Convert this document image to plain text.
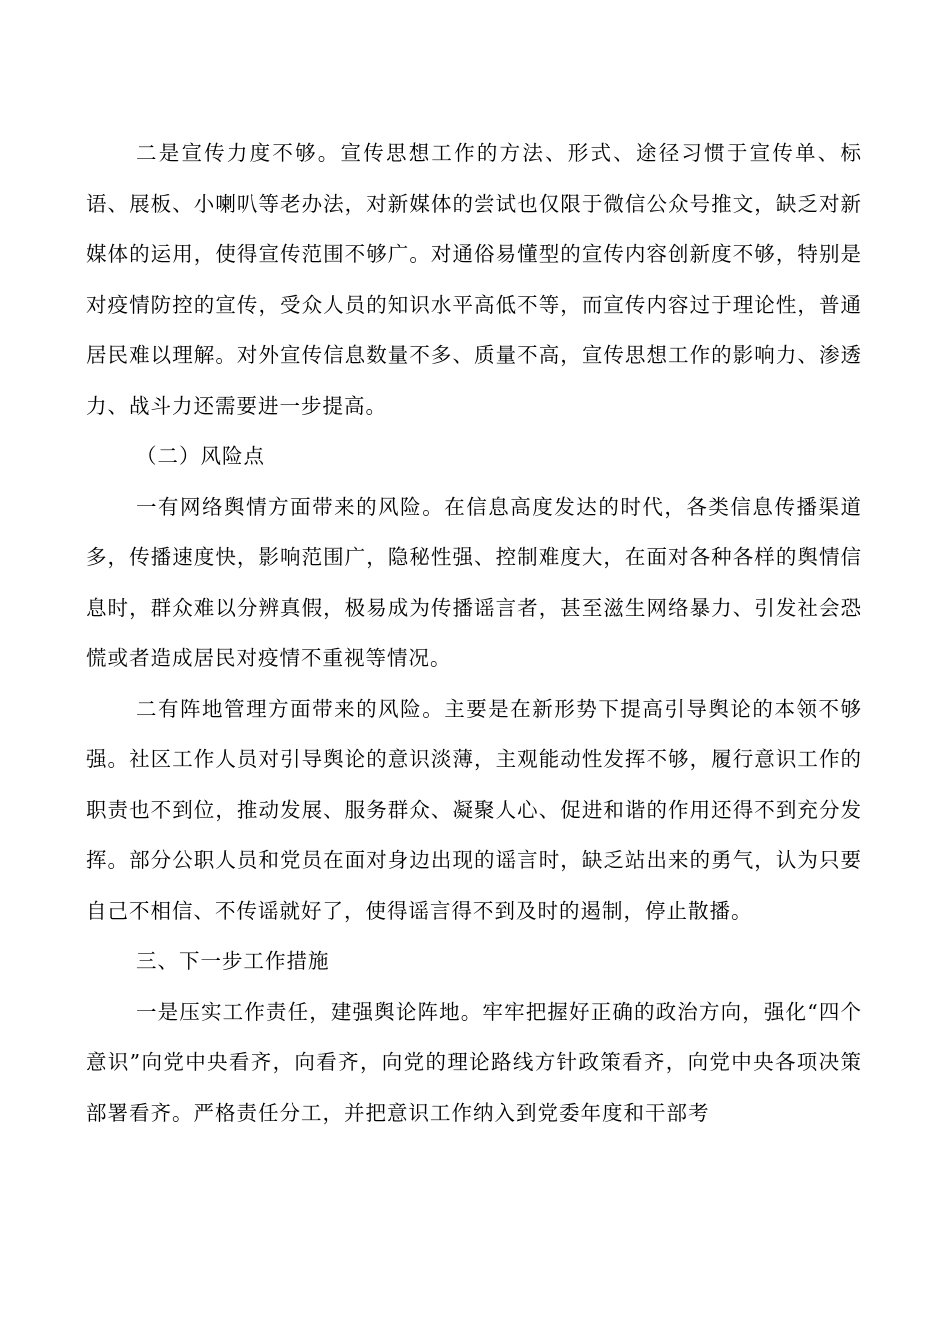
二是宣传力度不够。宣传思想工作的方法、形式、途径习惯于宣传单、标语、展板、小喇叭等老办法，对新媒体的尝试也仅限于微信公众号推文，缺乏对新媒体的运用，使得宣传范围不够广。对通俗易懂型的宣传内容创新度不够，特别是对疫情防控的宣传，受众人员的知识水平高低不等，而宣传内容过于理论性，普通居民难以理解。对外宣传信息数量不多、质量不高，宣传思想工作的影响力、渗透力、战斗力还需要进一步提高。

（二）风险点

一有网络舆情方面带来的风险。在信息高度发达的时代，各类信息传播渠道多，传播速度快，影响范围广，隐秘性强、控制难度大，在面对各种各样的舆情信息时，群众难以分辨真假，极易成为传播谣言者，甚至滋生网络暴力、引发社会恐慌或者造成居民对疫情不重视等情况。

二有阵地管理方面带来的风险。主要是在新形势下提高引导舆论的本领不够强。社区工作人员对引导舆论的意识淡薄，主观能动性发挥不够，履行意识工作的职责也不到位，推动发展、服务群众、凝聚人心、促进和谐的作用还得不到充分发挥。部分公职人员和党员在面对身边出现的谣言时，缺乏站出来的勇气，认为只要自己不相信、不传谣就好了，使得谣言得不到及时的遏制，停止散播。

三、下一步工作措施

一是压实工作责任，建强舆论阵地。牢牢把握好正确的政治方向，强化“四个意识”向党中央看齐，向看齐，向党的理论路线方针政策看齐，向党中央各项决策部署看齐。严格责任分工，并把意识工作纳入到党委年度和干部考
